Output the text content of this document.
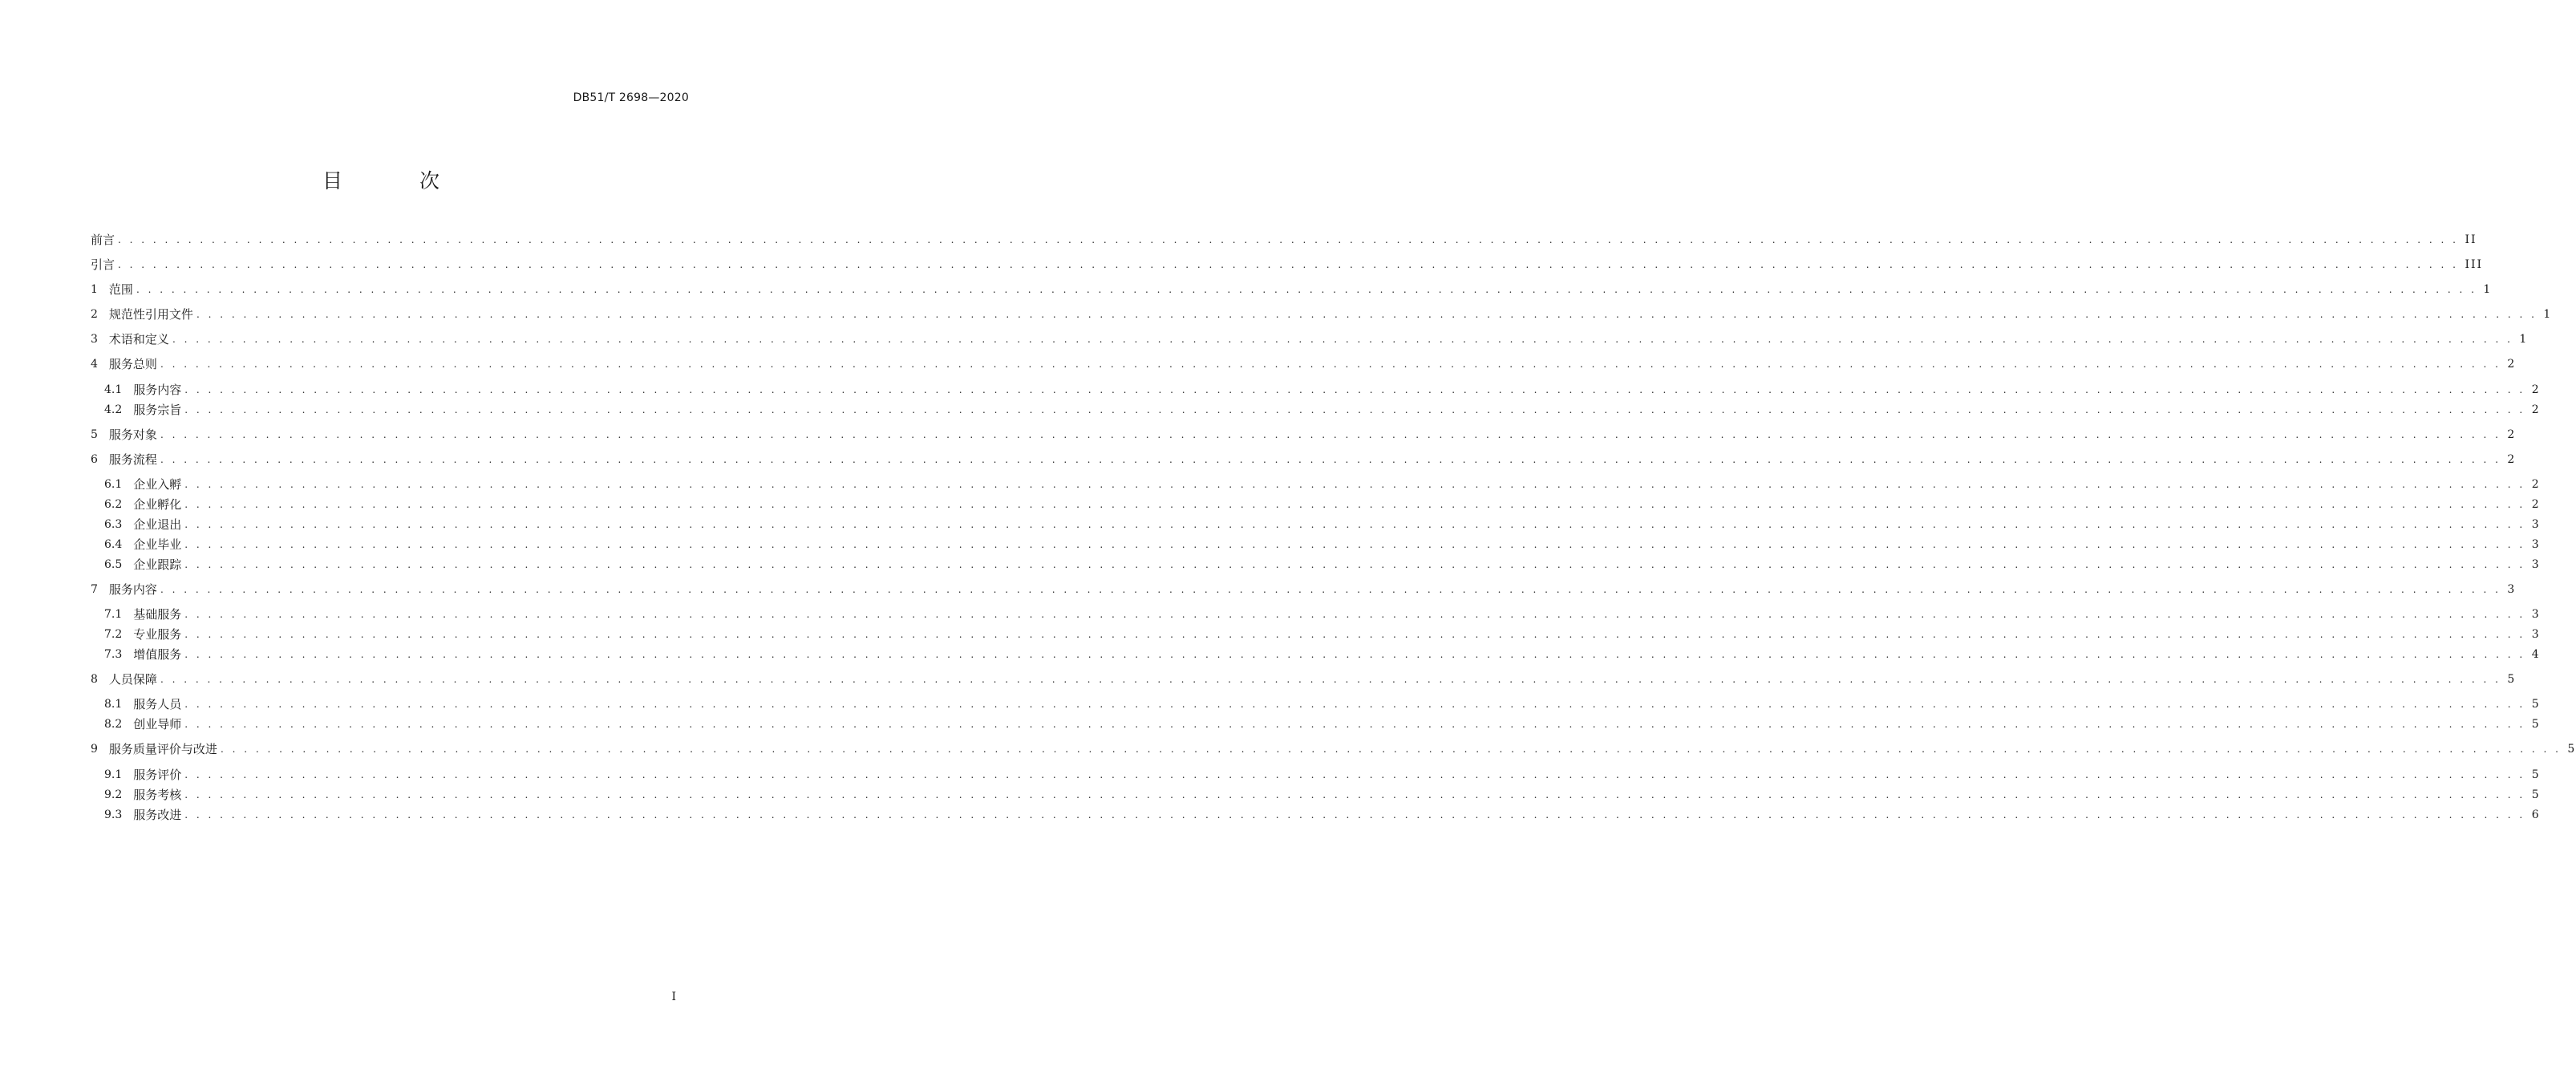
DB51/T 2698—2020
目 次
前言 . . . . . . . . . . . . . . . . . . . . . . . . . . . . . . . . . . . . . . . . . . . . . . . . . . . . . . . . . . . . . . . . . . . . . . . . . . . . . . . . . . . . . . . . . . . . . . . . . . . . . . . . . . . . . . . . . . . . . . . . . . . . . . . . . . . . . . . . . . . . . . . . . . . . . . . . . . . . . . . . . . . . . . . . . . . . . . . . . . . . . . . . . . . . . . . . . . . . . . . . II
引言 . . . . . . . . . . . . . . . . . . . . . . . . . . . . . . . . . . . . . . . . . . . . . . . . . . . . . . . . . . . . . . . . . . . . . . . . . . . . . . . . . . . . . . . . . . . . . . . . . . . . . . . . . . . . . . . . . . . . . . . . . . . . . . . . . . . . . . . . . . . . . . . . . . . . . . . . . . . . . . . . . . . . . . . . . . . . . . . . . . . . . . . . . . . . . . . . . . . . . . . . III
1 范围 . . . . . . . . . . . . . . . . . . . . . . . . . . . . . . . . . . . . . . . . . . . . . . . . . . . . . . . . . . . . . . . . . . . . . . . . . . . . . . . . . . . . . . . . . . . . . . . . . . . . . . . . . . . . . . . . . . . . . . . . . . . . . . . . . . . . . . . . . . . . . . . . . . . . . . . . . . . . . . . . . . . . . . . . . . . . . . . . . . . . . . . . . . . . . . . . . . . . . . . . 1
2 规范性引用文件 . . . . . . . . . . . . . . . . . . . . . . . . . . . . . . . . . . . . . . . . . . . . . . . . . . . . . . . . . . . . . . . . . . . . . . . . . . . . . . . . . . . . . . . . . . . . . . . . . . . . . . . . . . . . . . . . . . . . . . . . . . . . . . . . . . . . . . . . . . . . . . . . . . . . . . . . . . . . . . . . . . . . . . . . . . . . . . . . . . . . . . . . . . . . . . . . . . . . . . . . 1
3 术语和定义 . . . . . . . . . . . . . . . . . . . . . . . . . . . . . . . . . . . . . . . . . . . . . . . . . . . . . . . . . . . . . . . . . . . . . . . . . . . . . . . . . . . . . . . . . . . . . . . . . . . . . . . . . . . . . . . . . . . . . . . . . . . . . . . . . . . . . . . . . . . . . . . . . . . . . . . . . . . . . . . . . . . . . . . . . . . . . . . . . . . . . . . . . . . . . . . . . . . . . . . . 1
4 服务总则 . . . . . . . . . . . . . . . . . . . . . . . . . . . . . . . . . . . . . . . . . . . . . . . . . . . . . . . . . . . . . . . . . . . . . . . . . . . . . . . . . . . . . . . . . . . . . . . . . . . . . . . . . . . . . . . . . . . . . . . . . . . . . . . . . . . . . . . . . . . . . . . . . . . . . . . . . . . . . . . . . . . . . . . . . . . . . . . . . . . . . . . . . . . . . . . . . . . . . . . . 2
4.1 服务内容 . . . . . . . . . . . . . . . . . . . . . . . . . . . . . . . . . . . . . . . . . . . . . . . . . . . . . . . . . . . . . . . . . . . . . . . . . . . . . . . . . . . . . . . . . . . . . . . . . . . . . . . . . . . . . . . . . . . . . . . . . . . . . . . . . . . . . . . . . . . . . . . . . . . . . . . . . . . . . . . . . . . . . . . . . . . . . . . . . . . . . . . . . . . . . . . . . . . . . . . . 2
4.2 服务宗旨 . . . . . . . . . . . . . . . . . . . . . . . . . . . . . . . . . . . . . . . . . . . . . . . . . . . . . . . . . . . . . . . . . . . . . . . . . . . . . . . . . . . . . . . . . . . . . . . . . . . . . . . . . . . . . . . . . . . . . . . . . . . . . . . . . . . . . . . . . . . . . . . . . . . . . . . . . . . . . . . . . . . . . . . . . . . . . . . . . . . . . . . . . . . . . . . . . . . . . . . . 2
5 服务对象 . . . . . . . . . . . . . . . . . . . . . . . . . . . . . . . . . . . . . . . . . . . . . . . . . . . . . . . . . . . . . . . . . . . . . . . . . . . . . . . . . . . . . . . . . . . . . . . . . . . . . . . . . . . . . . . . . . . . . . . . . . . . . . . . . . . . . . . . . . . . . . . . . . . . . . . . . . . . . . . . . . . . . . . . . . . . . . . . . . . . . . . . . . . . . . . . . . . . . . . . 2
6 服务流程 . . . . . . . . . . . . . . . . . . . . . . . . . . . . . . . . . . . . . . . . . . . . . . . . . . . . . . . . . . . . . . . . . . . . . . . . . . . . . . . . . . . . . . . . . . . . . . . . . . . . . . . . . . . . . . . . . . . . . . . . . . . . . . . . . . . . . . . . . . . . . . . . . . . . . . . . . . . . . . . . . . . . . . . . . . . . . . . . . . . . . . . . . . . . . . . . . . . . . . . . 2
6.1 企业入孵 . . . . . . . . . . . . . . . . . . . . . . . . . . . . . . . . . . . . . . . . . . . . . . . . . . . . . . . . . . . . . . . . . . . . . . . . . . . . . . . . . . . . . . . . . . . . . . . . . . . . . . . . . . . . . . . . . . . . . . . . . . . . . . . . . . . . . . . . . . . . . . . . . . . . . . . . . . . . . . . . . . . . . . . . . . . . . . . . . . . . . . . . . . . . . . . . . . . . . . . . 2
6.2 企业孵化 . . . . . . . . . . . . . . . . . . . . . . . . . . . . . . . . . . . . . . . . . . . . . . . . . . . . . . . . . . . . . . . . . . . . . . . . . . . . . . . . . . . . . . . . . . . . . . . . . . . . . . . . . . . . . . . . . . . . . . . . . . . . . . . . . . . . . . . . . . . . . . . . . . . . . . . . . . . . . . . . . . . . . . . . . . . . . . . . . . . . . . . . . . . . . . . . . . . . . . . . 2
6.3 企业退出 . . . . . . . . . . . . . . . . . . . . . . . . . . . . . . . . . . . . . . . . . . . . . . . . . . . . . . . . . . . . . . . . . . . . . . . . . . . . . . . . . . . . . . . . . . . . . . . . . . . . . . . . . . . . . . . . . . . . . . . . . . . . . . . . . . . . . . . . . . . . . . . . . . . . . . . . . . . . . . . . . . . . . . . . . . . . . . . . . . . . . . . . . . . . . . . . . . . . . . . . 3
6.4 企业毕业 . . . . . . . . . . . . . . . . . . . . . . . . . . . . . . . . . . . . . . . . . . . . . . . . . . . . . . . . . . . . . . . . . . . . . . . . . . . . . . . . . . . . . . . . . . . . . . . . . . . . . . . . . . . . . . . . . . . . . . . . . . . . . . . . . . . . . . . . . . . . . . . . . . . . . . . . . . . . . . . . . . . . . . . . . . . . . . . . . . . . . . . . . . . . . . . . . . . . . . . . 3
6.5 企业跟踪 . . . . . . . . . . . . . . . . . . . . . . . . . . . . . . . . . . . . . . . . . . . . . . . . . . . . . . . . . . . . . . . . . . . . . . . . . . . . . . . . . . . . . . . . . . . . . . . . . . . . . . . . . . . . . . . . . . . . . . . . . . . . . . . . . . . . . . . . . . . . . . . . . . . . . . . . . . . . . . . . . . . . . . . . . . . . . . . . . . . . . . . . . . . . . . . . . . . . . . . . 3
7 服务内容 . . . . . . . . . . . . . . . . . . . . . . . . . . . . . . . . . . . . . . . . . . . . . . . . . . . . . . . . . . . . . . . . . . . . . . . . . . . . . . . . . . . . . . . . . . . . . . . . . . . . . . . . . . . . . . . . . . . . . . . . . . . . . . . . . . . . . . . . . . . . . . . . . . . . . . . . . . . . . . . . . . . . . . . . . . . . . . . . . . . . . . . . . . . . . . . . . . . . . . . . 3
7.1 基础服务 . . . . . . . . . . . . . . . . . . . . . . . . . . . . . . . . . . . . . . . . . . . . . . . . . . . . . . . . . . . . . . . . . . . . . . . . . . . . . . . . . . . . . . . . . . . . . . . . . . . . . . . . . . . . . . . . . . . . . . . . . . . . . . . . . . . . . . . . . . . . . . . . . . . . . . . . . . . . . . . . . . . . . . . . . . . . . . . . . . . . . . . . . . . . . . . . . . . . . . . . 3
7.2 专业服务 . . . . . . . . . . . . . . . . . . . . . . . . . . . . . . . . . . . . . . . . . . . . . . . . . . . . . . . . . . . . . . . . . . . . . . . . . . . . . . . . . . . . . . . . . . . . . . . . . . . . . . . . . . . . . . . . . . . . . . . . . . . . . . . . . . . . . . . . . . . . . . . . . . . . . . . . . . . . . . . . . . . . . . . . . . . . . . . . . . . . . . . . . . . . . . . . . . . . . . . . 3
7.3 增值服务 . . . . . . . . . . . . . . . . . . . . . . . . . . . . . . . . . . . . . . . . . . . . . . . . . . . . . . . . . . . . . . . . . . . . . . . . . . . . . . . . . . . . . . . . . . . . . . . . . . . . . . . . . . . . . . . . . . . . . . . . . . . . . . . . . . . . . . . . . . . . . . . . . . . . . . . . . . . . . . . . . . . . . . . . . . . . . . . . . . . . . . . . . . . . . . . . . . . . . . . . 4
8 人员保障 . . . . . . . . . . . . . . . . . . . . . . . . . . . . . . . . . . . . . . . . . . . . . . . . . . . . . . . . . . . . . . . . . . . . . . . . . . . . . . . . . . . . . . . . . . . . . . . . . . . . . . . . . . . . . . . . . . . . . . . . . . . . . . . . . . . . . . . . . . . . . . . . . . . . . . . . . . . . . . . . . . . . . . . . . . . . . . . . . . . . . . . . . . . . . . . . . . . . . . . . 5
8.1 服务人员 . . . . . . . . . . . . . . . . . . . . . . . . . . . . . . . . . . . . . . . . . . . . . . . . . . . . . . . . . . . . . . . . . . . . . . . . . . . . . . . . . . . . . . . . . . . . . . . . . . . . . . . . . . . . . . . . . . . . . . . . . . . . . . . . . . . . . . . . . . . . . . . . . . . . . . . . . . . . . . . . . . . . . . . . . . . . . . . . . . . . . . . . . . . . . . . . . . . . . . . . 5
8.2 创业导师 . . . . . . . . . . . . . . . . . . . . . . . . . . . . . . . . . . . . . . . . . . . . . . . . . . . . . . . . . . . . . . . . . . . . . . . . . . . . . . . . . . . . . . . . . . . . . . . . . . . . . . . . . . . . . . . . . . . . . . . . . . . . . . . . . . . . . . . . . . . . . . . . . . . . . . . . . . . . . . . . . . . . . . . . . . . . . . . . . . . . . . . . . . . . . . . . . . . . . . . . 5
9 服务质量评价与改进 . . . . . . . . . . . . . . . . . . . . . . . . . . . . . . . . . . . . . . . . . . . . . . . . . . . . . . . . . . . . . . . . . . . . . . . . . . . . . . . . . . . . . . . . . . . . . . . . . . . . . . . . . . . . . . . . . . . . . . . . . . . . . . . . . . . . . . . . . . . . . . . . . . . . . . . . . . . . . . . . . . . . . . . . . . . . . . . . . . . . . . . . . . . . . . . . . . . . . . . . 5
9.1 服务评价 . . . . . . . . . . . . . . . . . . . . . . . . . . . . . . . . . . . . . . . . . . . . . . . . . . . . . . . . . . . . . . . . . . . . . . . . . . . . . . . . . . . . . . . . . . . . . . . . . . . . . . . . . . . . . . . . . . . . . . . . . . . . . . . . . . . . . . . . . . . . . . . . . . . . . . . . . . . . . . . . . . . . . . . . . . . . . . . . . . . . . . . . . . . . . . . . . . . . . . . . 5
9.2 服务考核 . . . . . . . . . . . . . . . . . . . . . . . . . . . . . . . . . . . . . . . . . . . . . . . . . . . . . . . . . . . . . . . . . . . . . . . . . . . . . . . . . . . . . . . . . . . . . . . . . . . . . . . . . . . . . . . . . . . . . . . . . . . . . . . . . . . . . . . . . . . . . . . . . . . . . . . . . . . . . . . . . . . . . . . . . . . . . . . . . . . . . . . . . . . . . . . . . . . . . . . . 5
9.3 服务改进 . . . . . . . . . . . . . . . . . . . . . . . . . . . . . . . . . . . . . . . . . . . . . . . . . . . . . . . . . . . . . . . . . . . . . . . . . . . . . . . . . . . . . . . . . . . . . . . . . . . . . . . . . . . . . . . . . . . . . . . . . . . . . . . . . . . . . . . . . . . . . . . . . . . . . . . . . . . . . . . . . . . . . . . . . . . . . . . . . . . . . . . . . . . . . . . . . . . . . . . . 6
I
